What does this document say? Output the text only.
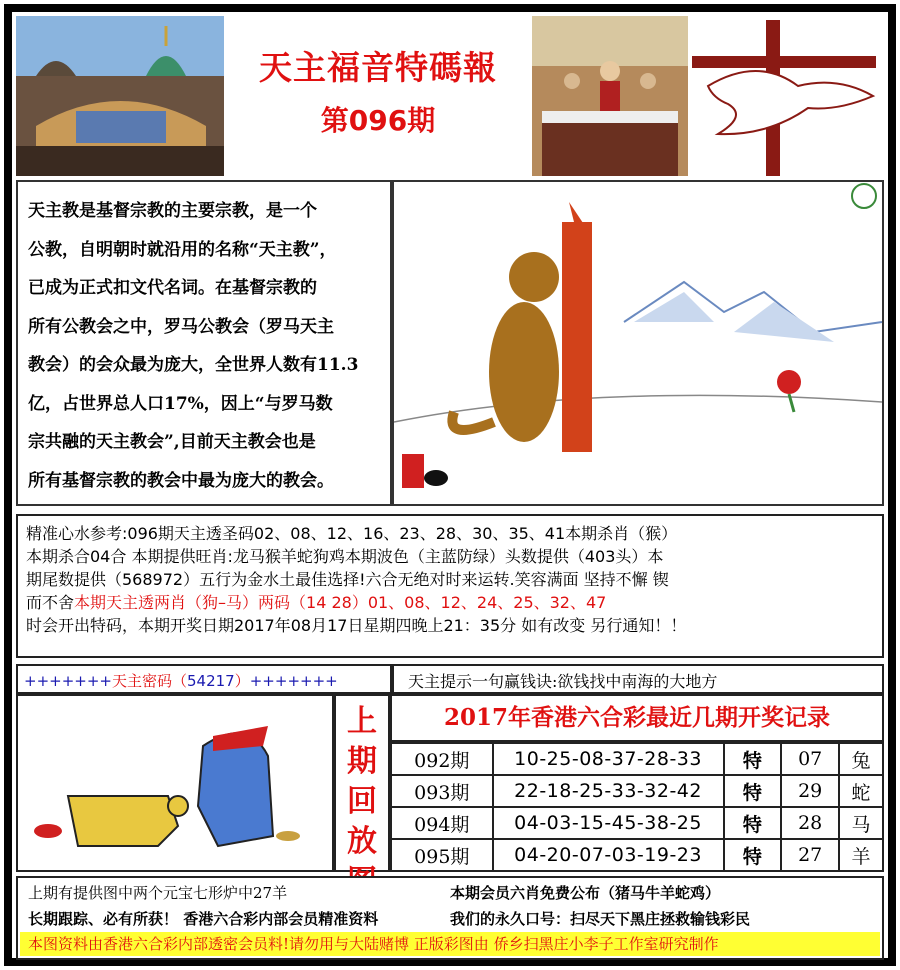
天主福音特碼報
第096期
天主教是基督宗教的主要宗教，是一个
公教，自明朝时就沿用的名称“天主教”，
已成为正式扣文代名词。在基督宗教的
所有公教会之中，罗马公教会（罗马天主
教会）的会众最为庞大，全世界人数有11.3
亿，占世界总人口17%，因上“与罗马数
宗共融的天主教会”,目前天主教会也是
所有基督宗教的教会中最为庞大的教会。
精准心水参考:096期天主透圣码02、08、12、16、23、28、30、35、41本期杀肖（猴）
本期杀合04合 本期提供旺肖:龙马猴羊蛇狗鸡本期波色（主蓝防绿）头数提供（403头）本
期尾数提供（568972）五行为金水土最佳选择!六合无绝对时来运转.笑容满面 坚持不懈 锲
而不舍本期天主透两肖（狗–马）两码（14 28）01、08、12、24、25、32、47
时会开出特码，本期开奖日期2017年08月17日星期四晚上21：35分 如有改变 另行通知！！
+++++++天主密码（54217）+++++++	天主提示一句赢钱诀:欲钱找中南海的大地方
上
期
回
放
2017年香港六合彩最近几期开奖记录
092期	10-25-08-37-28-33	特	07	兔
093期	22-18-25-33-32-42	特	29	蛇
094期	04-03-15-45-38-25	特	28	马
095期	04-20-07-03-19-23	特	27	羊
上期有提供图中两个元宝七形炉中27羊	本期会员六肖免费公布（猪马牛羊蛇鸡）
长期跟踪、必有所获！ 香港六合彩内部会员精准资料	我们的永久口号：扫尽天下黑庄拯救输钱彩民
本图资料由香港六合彩内部透密会员料!请勿用与大陆赌博 正版彩图由 侨乡扫黑庄小李子工作室研究制作
